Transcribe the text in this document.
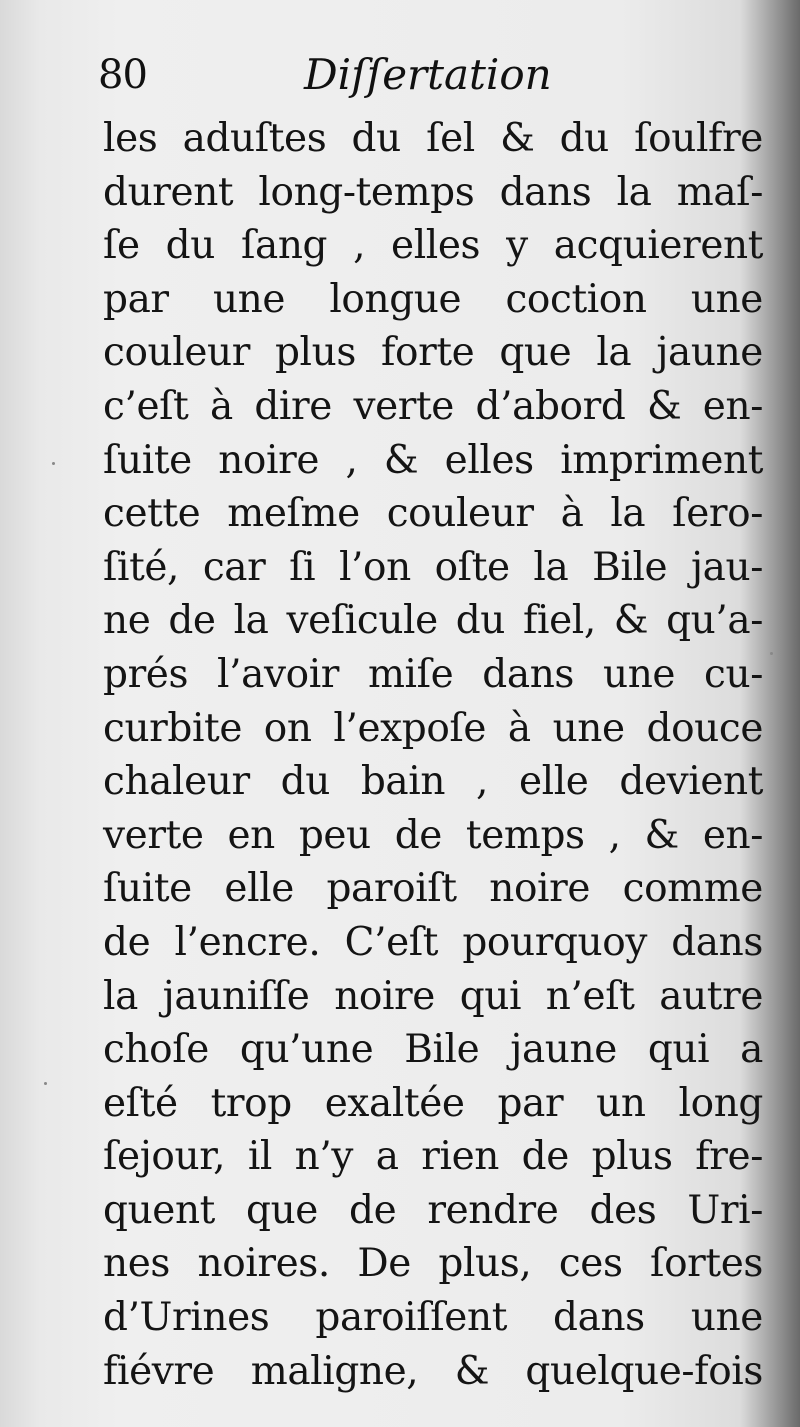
80	Diſſertation
les aduſtes du ſel & du ſoulfre
durent long-temps dans la maſ-
ſe du ſang , elles y acquierent
par une longue coction une
couleur plus forte que la jaune
c’eſt à dire verte d’abord & en-
ſuite noire , & elles impriment
cette meſme couleur à la ſero-
ſité, car ſi l’on oſte la Bile jau-
ne de la veſicule du fiel, & qu’a-
prés l’avoir miſe dans une cu-
curbite on l’expoſe à une douce
chaleur du bain , elle devient
verte en peu de temps , & en-
ſuite elle paroiſt noire comme
de l’encre. C’eſt pourquoy dans
la jauniſſe noire qui n’eſt autre
choſe qu’une Bile jaune qui a
eſté trop exaltée par un long
ſejour, il n’y a rien de plus fre-
quent que de rendre des Uri-
nes noires. De plus, ces ſortes
d’Urines paroiſſent dans une
fiévre maligne, & quelque-fois
